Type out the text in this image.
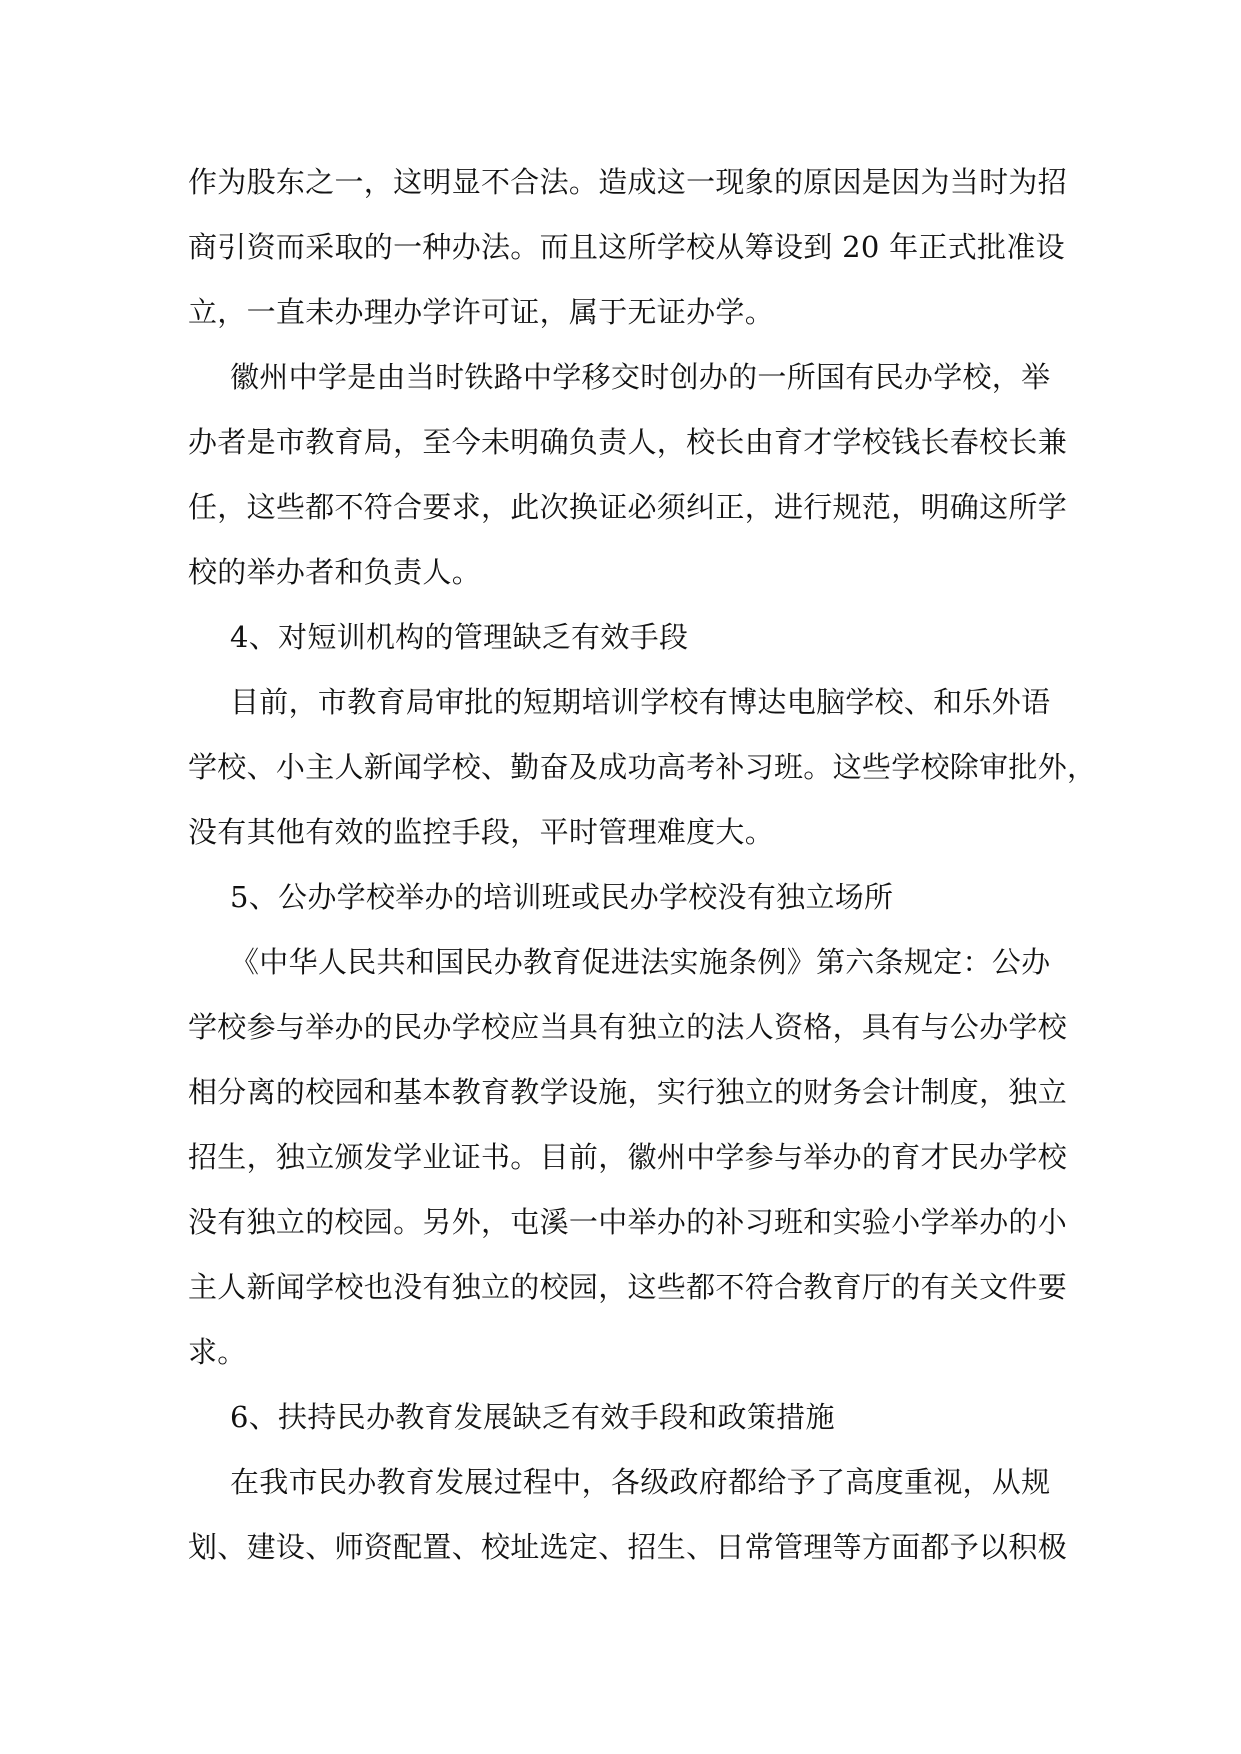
作为股东之一，这明显不合法。造成这一现象的原因是因为当时为招
商引资而采取的一种办法。而且这所学校从筹设到 20 年正式批准设
立，一直未办理办学许可证，属于无证办学。
徽州中学是由当时铁路中学移交时创办的一所国有民办学校，举
办者是市教育局，至今未明确负责人，校长由育才学校钱长春校长兼
任，这些都不符合要求，此次换证必须纠正，进行规范，明确这所学
校的举办者和负责人。
4、对短训机构的管理缺乏有效手段
目前，市教育局审批的短期培训学校有博达电脑学校、和乐外语
学校、小主人新闻学校、勤奋及成功高考补习班。这些学校除审批外，
没有其他有效的监控手段，平时管理难度大。
5、公办学校举办的培训班或民办学校没有独立场所
《中华人民共和国民办教育促进法实施条例》第六条规定：公办
学校参与举办的民办学校应当具有独立的法人资格，具有与公办学校
相分离的校园和基本教育教学设施，实行独立的财务会计制度，独立
招生，独立颁发学业证书。目前，徽州中学参与举办的育才民办学校
没有独立的校园。另外，屯溪一中举办的补习班和实验小学举办的小
主人新闻学校也没有独立的校园，这些都不符合教育厅的有关文件要
求。
6、扶持民办教育发展缺乏有效手段和政策措施
在我市民办教育发展过程中，各级政府都给予了高度重视，从规
划、建设、师资配置、校址选定、招生、日常管理等方面都予以积极
